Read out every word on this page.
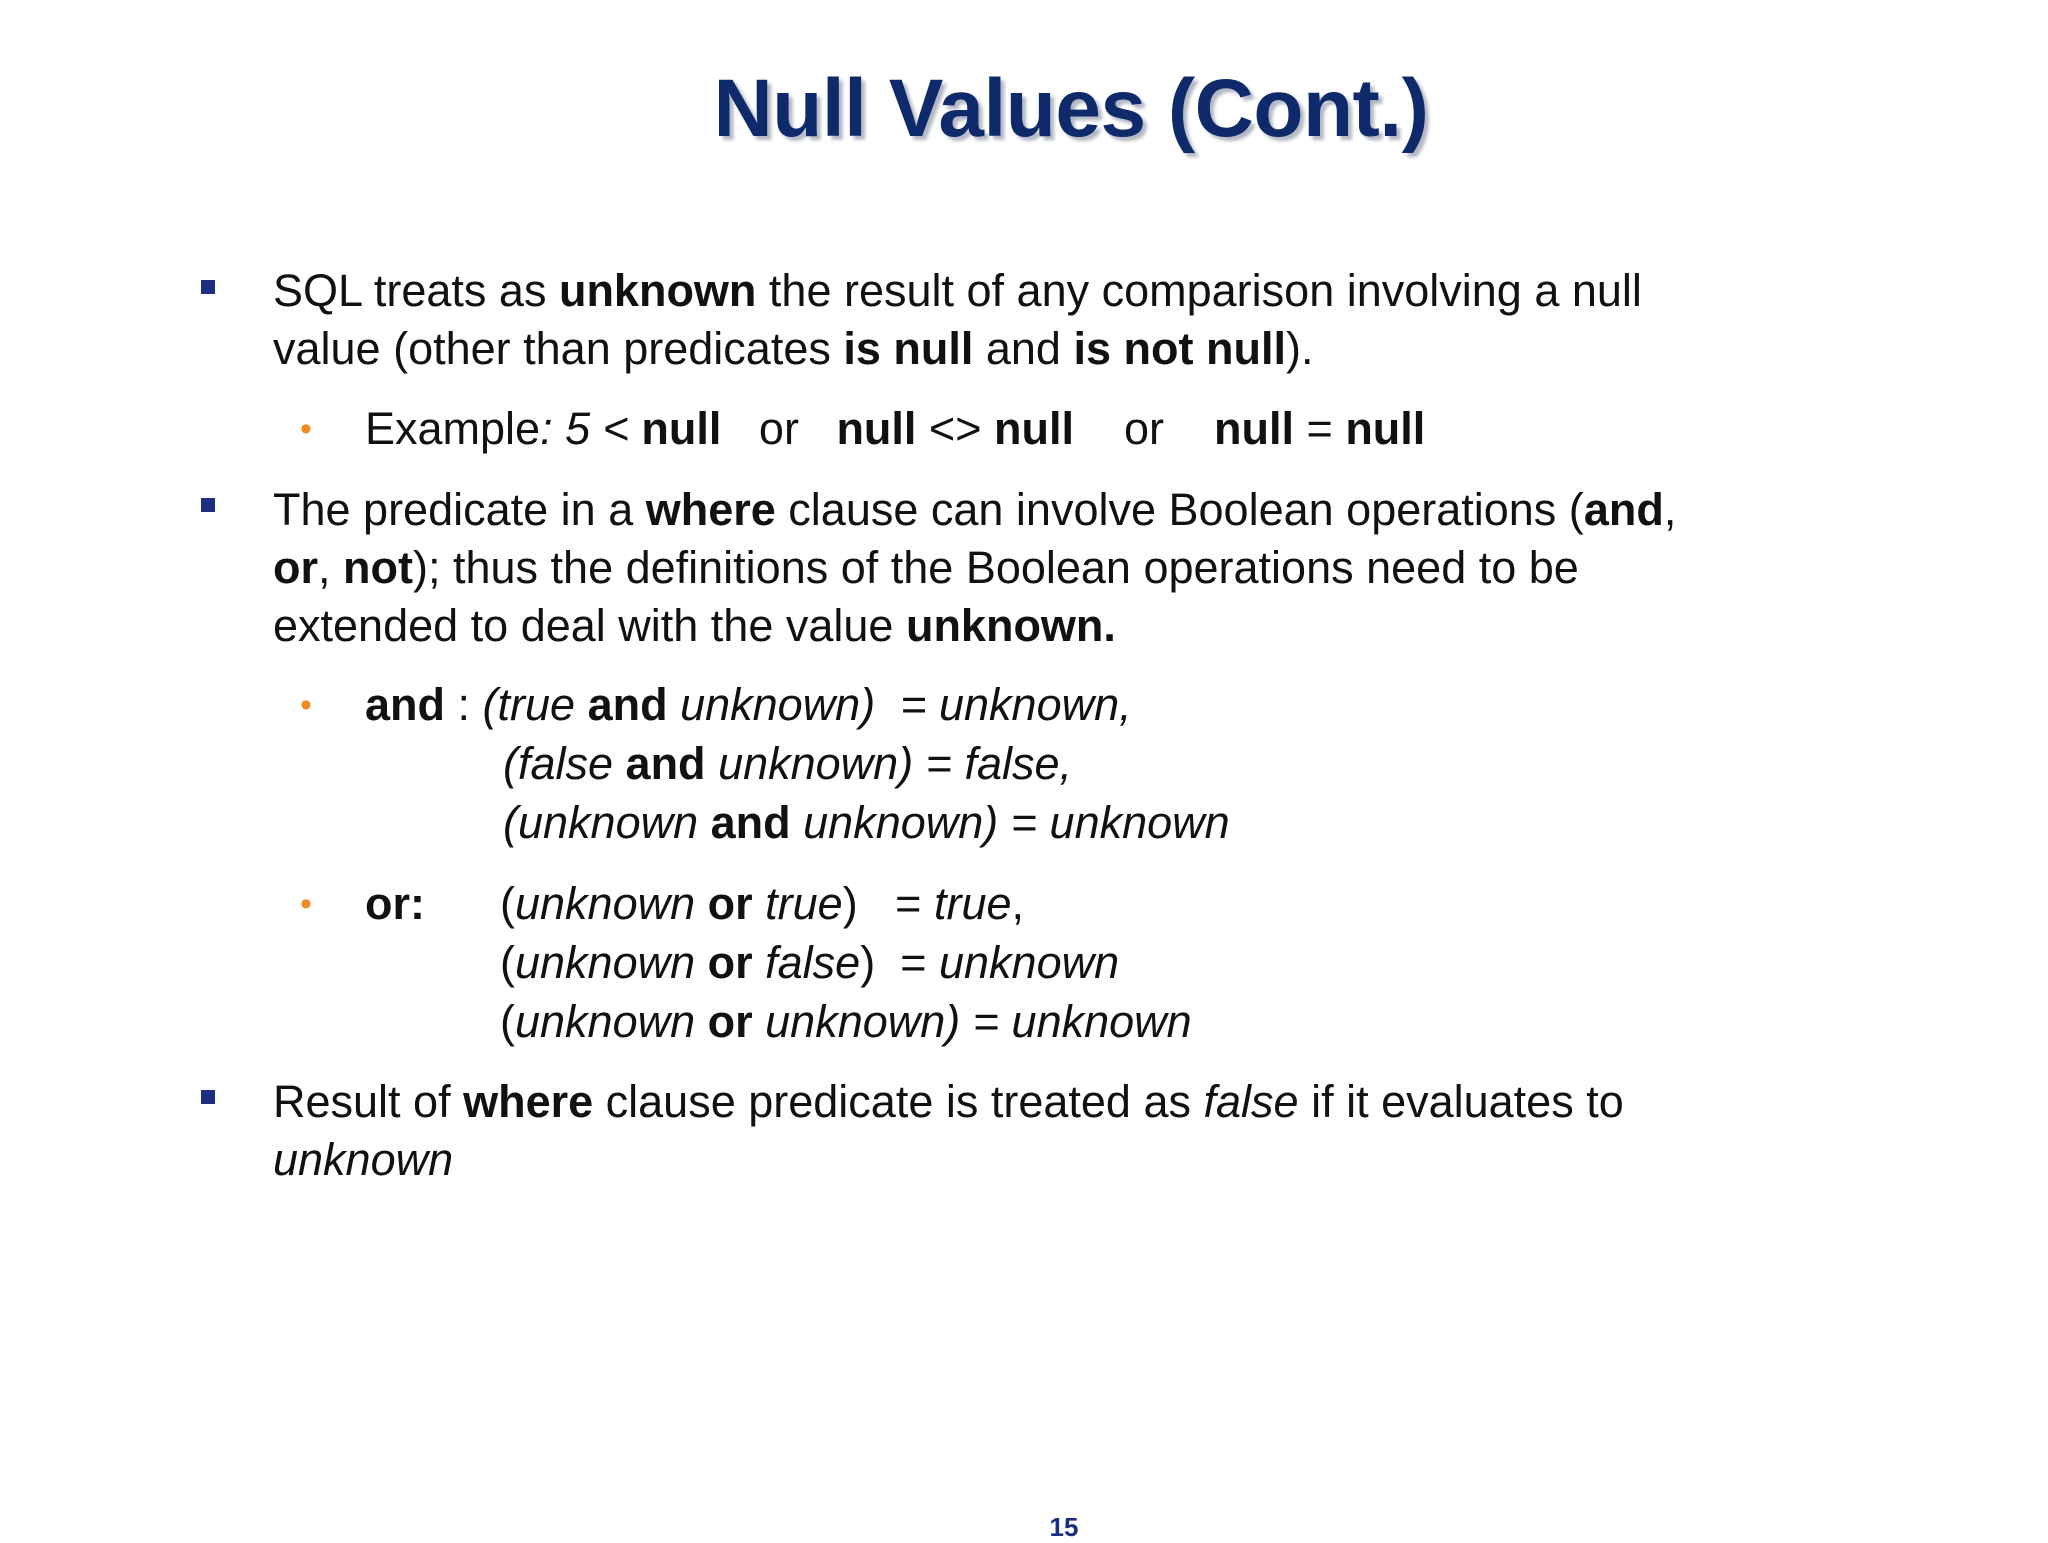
Null Values (Cont.)
SQL treats as unknown the result of any comparison involving a null
value (other than predicates is null and is not null).
• Example: 5 < null   or   null <> null    or    null = null
The predicate in a where clause can involve Boolean operations (and,
or, not); thus the definitions of the Boolean operations need to be
extended to deal with the value unknown.
• and : (true and unknown)  = unknown,
(false and unknown) = false,
(unknown and unknown) = unknown
• or: (unknown or true)   = true,
(unknown or false)  = unknown
(unknown or unknown) = unknown
Result of where clause predicate is treated as false if it evaluates to
unknown
15
